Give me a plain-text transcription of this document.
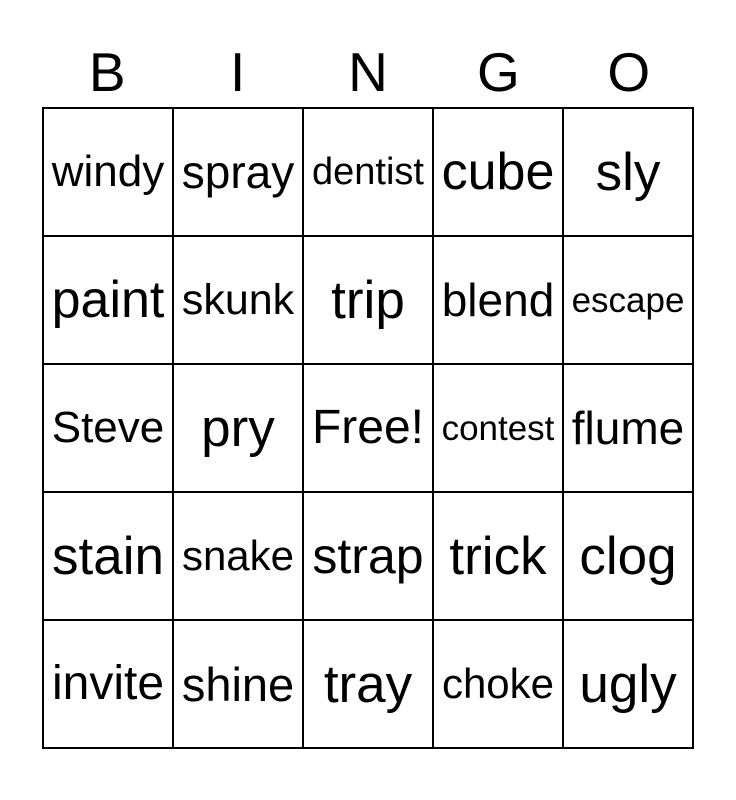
B	I	N	G	O
windy	spray	dentist	cube	sly
paint	skunk	trip	blend	escape
Steve	pry	Free!	contest	flume
stain	snake	strap	trick	clog
invite	shine	tray	choke	ugly
